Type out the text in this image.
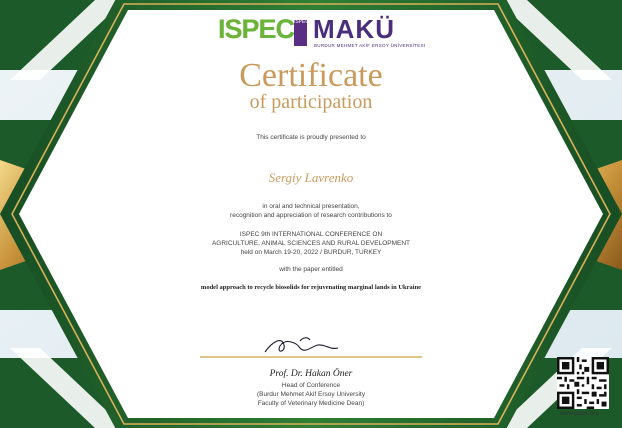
ISPEC ISPEC MAKÜ
BURDUR MEHMET AKİF ERSOY ÜNİVERSİTESİ
Certificate
of participation
This certificate is proudly presented to
Sergiy Lavrenko
in oral and technical presentation,
recognition and appreciation of research contributions to
ISPEC 9th INTERNATIONAL CONFERENCE ON
AGRICULTURE, ANIMAL SCIENCES AND RURAL DEVELOPMENT
held on March 19-20, 2022 / BURDUR, TURKEY
with the paper entitled
model approach to recycle biosolids for rejuvenating marginal lands in Ukraine
Prof. Dr. Hakan Öner
Head of Conference
(Burdur Mehmet Akif Ersoy University
Faculty of Veterinary Medicine Dean)
www.ispec.org
